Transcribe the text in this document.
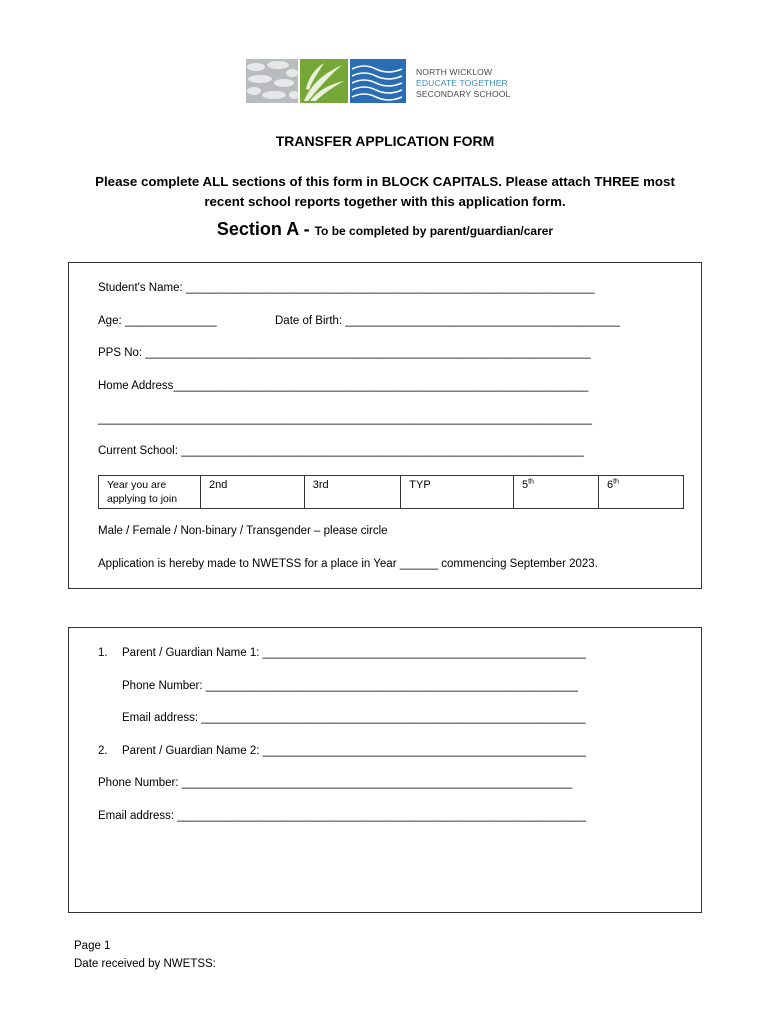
NORTH WICKLOW
EDUCATE TOGETHER
SECONDARY SCHOOL
TRANSFER APPLICATION FORM
Please complete ALL sections of this form in BLOCK CAPITALS. Please attach THREE most
recent school reports together with this application form.
Section A - To be completed by parent/guardian/carer
Student's Name: ___________________________________________________________________
Age: _______________	Date of Birth: _____________________________________________
PPS No: _________________________________________________________________________
Home Address____________________________________________________________________
_________________________________________________________________________________
Current School: __________________________________________________________________
Year you are applying to join	2nd	3rd	TYP	5th	6th
Male / Female / Non-binary / Transgender – please circle
Application is hereby made to NWETSS for a place in Year ______ commencing September 2023.
1. Parent / Guardian Name 1: _____________________________________________________
Phone Number: _____________________________________________________________
Email address: _______________________________________________________________
2. Parent / Guardian Name 2: _____________________________________________________
Phone Number: ________________________________________________________________
Email address: ___________________________________________________________________
Page 1
Date received by NWETSS:
